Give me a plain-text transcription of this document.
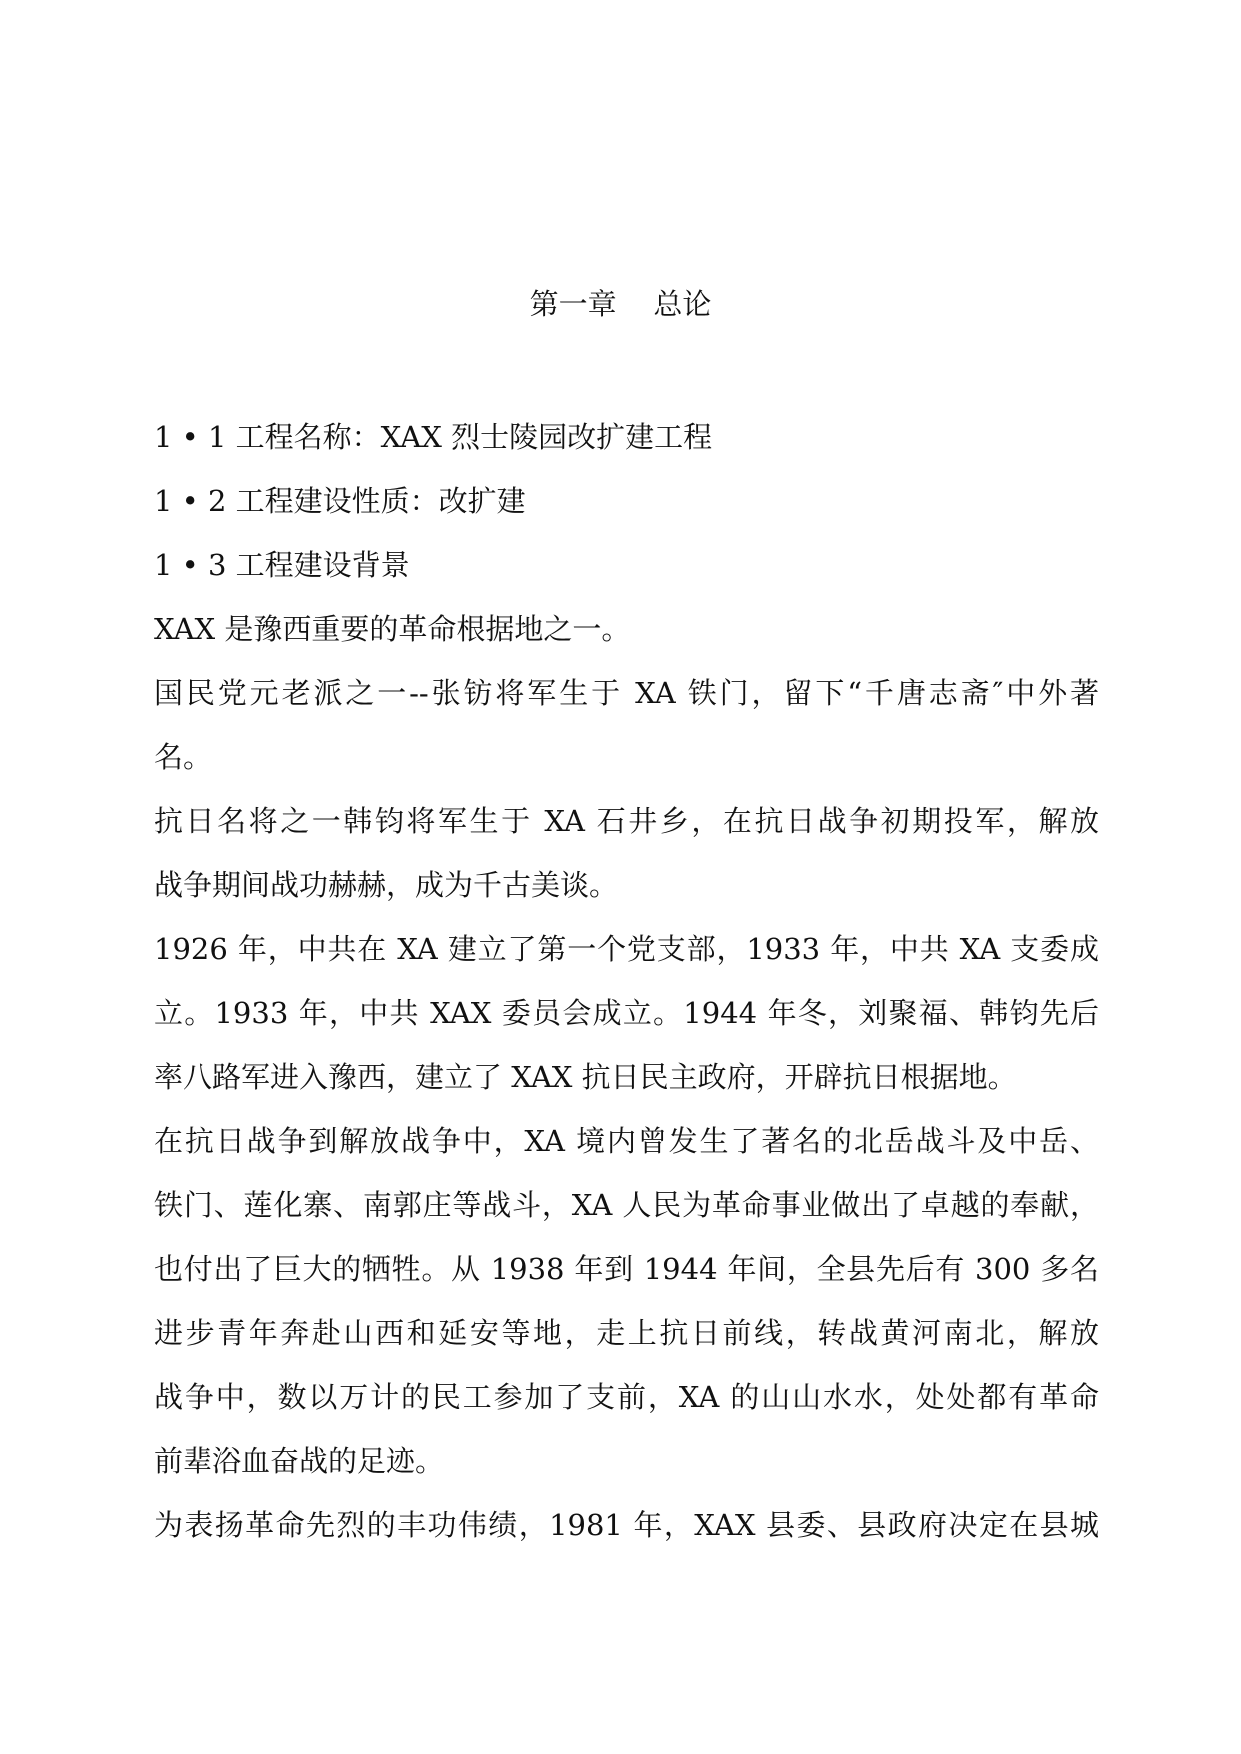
第一章    总论
1 • 1 工程名称：XAX 烈士陵园改扩建工程
1 • 2 工程建设性质：改扩建
1 • 3 工程建设背景
XAX 是豫西重要的革命根据地之一。
国民党元老派之一--张钫将军生于 XA 铁门，留下“千唐志斋″中外著
名。
抗日名将之一韩钧将军生于 XA 石井乡，在抗日战争初期投军，解放
战争期间战功赫赫，成为千古美谈。
1926 年，中共在 XA 建立了第一个党支部，1933 年，中共 XA 支委成
立。1933 年，中共 XAX 委员会成立。1944 年冬，刘聚福、韩钧先后
率八路军进入豫西，建立了 XAX 抗日民主政府，开辟抗日根据地。
在抗日战争到解放战争中，XA 境内曾发生了著名的北岳战斗及中岳、
铁门、莲化寨、南郭庄等战斗，XA 人民为革命事业做出了卓越的奉献，
也付出了巨大的牺牲。从 1938 年到 1944 年间，全县先后有 300 多名
进步青年奔赴山西和延安等地，走上抗日前线，转战黄河南北，解放
战争中，数以万计的民工参加了支前，XA 的山山水水，处处都有革命
前辈浴血奋战的足迹。
为表扬革命先烈的丰功伟绩，1981 年，XAX 县委、县政府决定在县城
